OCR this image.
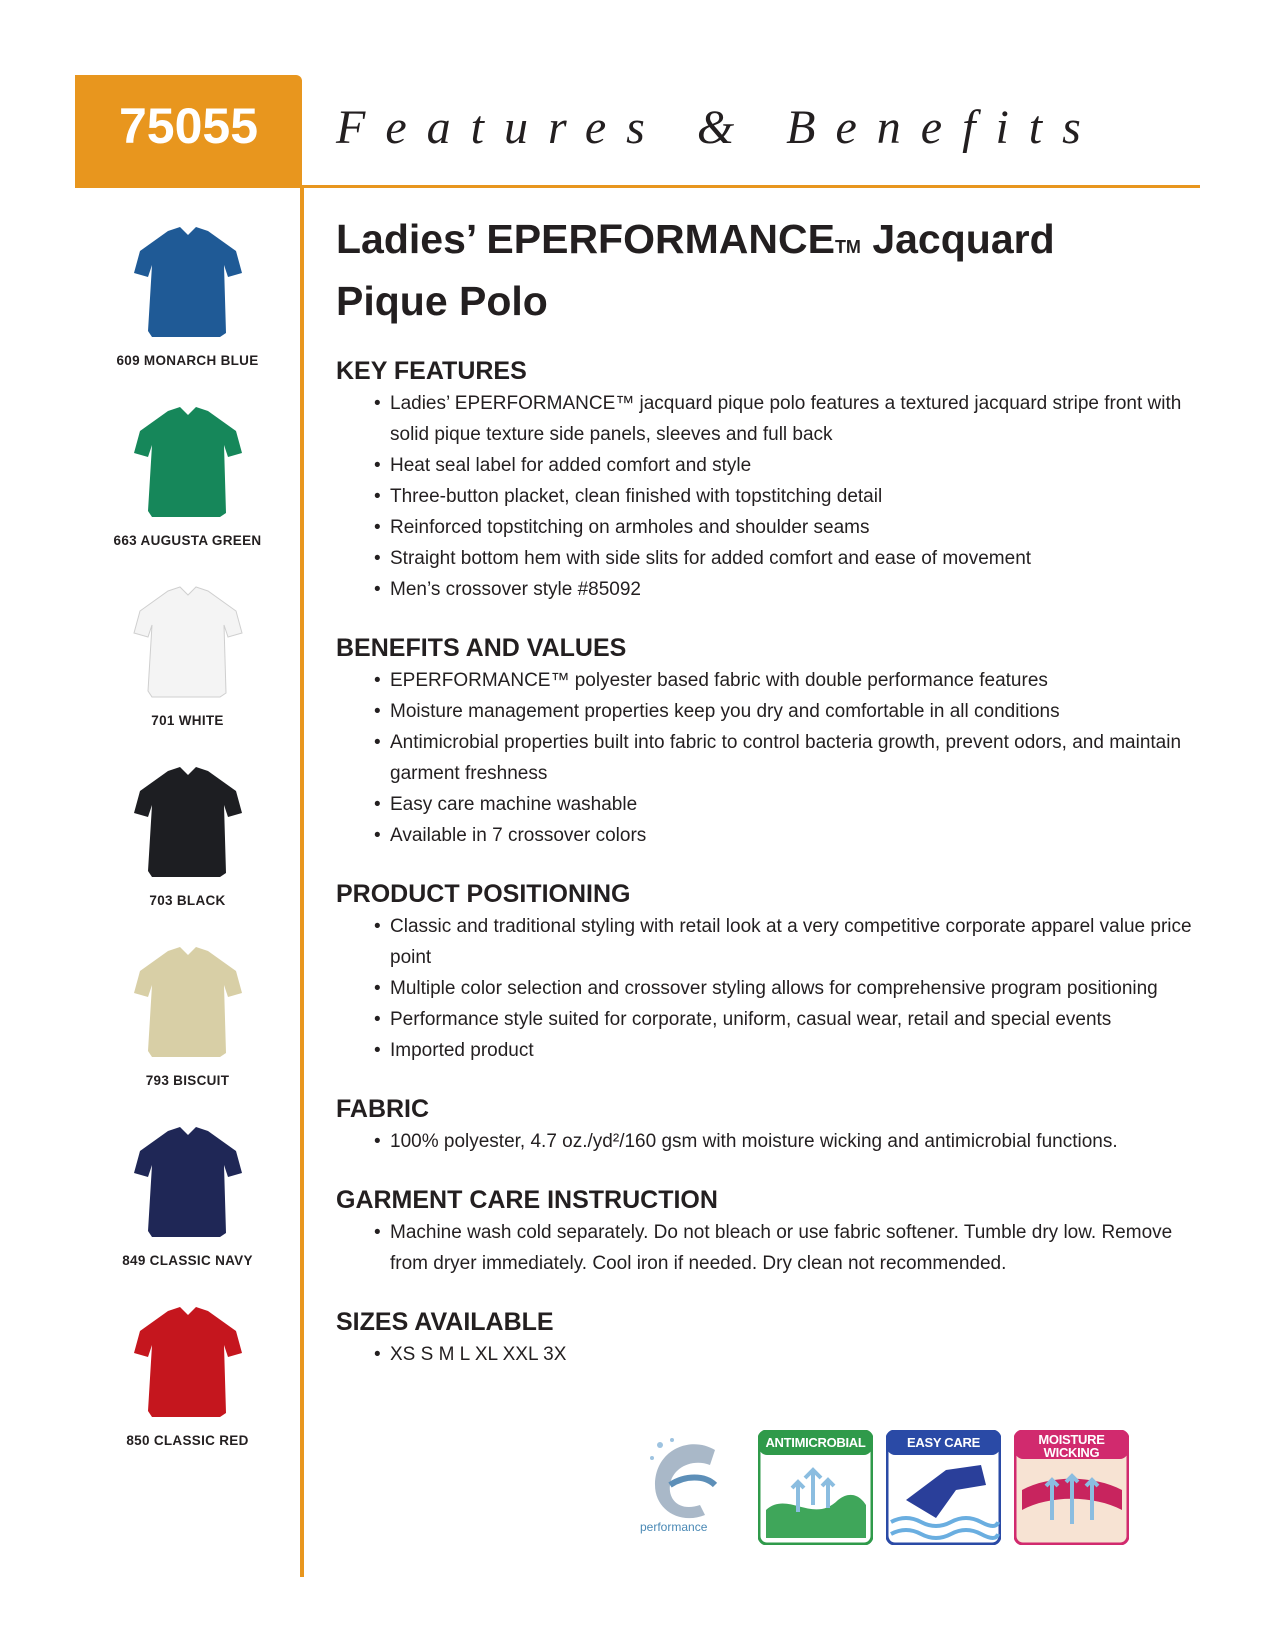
75055	Features & Benefits
609 MONARCH BLUE
663 AUGUSTA GREEN
701 WHITE
703 BLACK
793 BISCUIT
849 CLASSIC NAVY
850 CLASSIC RED
Ladies’ EPERFORMANCETM Jacquard
Pique Polo
KEY FEATURES
• Ladies’ EPERFORMANCE™ jacquard pique polo features a textured jacquard stripe front with solid pique texture side panels, sleeves and full back
• Heat seal label for added comfort and style
• Three-button placket, clean finished with topstitching detail
• Reinforced topstitching on armholes and shoulder seams
• Straight bottom hem with side slits for added comfort and ease of movement
• Men’s crossover style #85092
BENEFITS AND VALUES
• EPERFORMANCE™ polyester based fabric with double performance features
• Moisture management properties keep you dry and comfortable in all conditions
• Antimicrobial properties built into fabric to control bacteria growth, prevent odors, and maintain garment freshness
• Easy care machine washable
• Available in 7 crossover colors
PRODUCT POSITIONING
• Classic and traditional styling with retail look at a very competitive corporate apparel value price point
• Multiple color selection and crossover styling allows for comprehensive program positioning
• Performance style suited for corporate, uniform, casual wear, retail and special events
• Imported product
FABRIC
• 100% polyester, 4.7 oz./yd²/160 gsm with moisture wicking and antimicrobial functions.
GARMENT CARE INSTRUCTION
• Machine wash cold separately. Do not bleach or use fabric softener. Tumble dry low. Remove from dryer immediately. Cool iron if needed. Dry clean not recommended.
SIZES AVAILABLE
• XS S M L XL XXL 3X
performance
ANTIMICROBIAL	EASY CARE	MOISTURE
WICKING
